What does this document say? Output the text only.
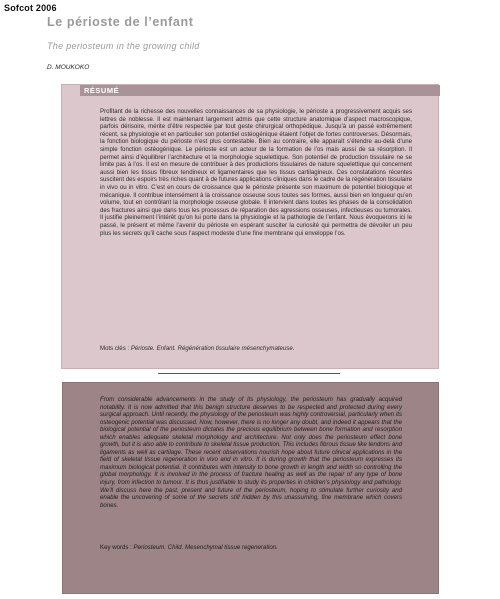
Sofcot 2006
Le périoste de l’enfant
The periosteum in the growing child
D. MOUKOKO
RÉSUMÉ
Profitant de la richesse des nouvelles connaissances de sa physiologie, le périoste a progressivement acquis ses lettres de noblesse. Il est maintenant largement admis que cette structure anatomique d’aspect macroscopique, parfois dérisoire, mérite d’être respectée par tout geste chirurgical orthopédique. Jusqu’à un passé extrêmement récent, sa physiologie et en particulier son potentiel ostéogénique étaient l’objet de fortes controverses. Désormais, la fonction biologique du périoste n’est plus contestable. Bien au contraire, elle apparaît s’étendre au-delà d’une simple fonction ostéogénique. Le périoste est un acteur de la formation de l’os mais aussi de sa résorption. Il permet ainsi d’équilibrer l’architecture et la morphologie squelettique. Son potentiel de production tissulaire ne se limite pas à l’os. Il est en mesure de contribuer à des productions tissulaires de nature squelettique qui concernent aussi bien les tissus fibreux tendineux et ligamentaires que les tissus cartilagineux. Ces constatations récentes suscitent des espoirs très riches quant à de futures applications cliniques dans le cadre de la régénération tissulaire in vivo ou in vitro. C’est en cours de croissance que le périoste présente son maximum de potentiel biologique et mécanique. Il contribue intensément à la croissance osseuse sous toutes ses formes, aussi bien en longueur qu’en volume, tout en contrôlant la morphologie osseuse globale. Il intervient dans toutes les phases de la consolidation des fractures ainsi que dans tous les processus de réparation des agressions osseuses, infectieuses ou tumorales. Il justifie pleinement l’intérêt qu’on lui porte dans la physiologie et la pathologie de l’enfant. Nous évoquerons ici le passé, le présent et même l’avenir du périoste en espérant susciter la curiosité qui permettra de dévoiler un peu plus les secrets qu’il cache sous l’aspect modeste d’une fine membrane qui enveloppe l’os.
Mots clés : Périoste. Enfant. Régénération tissulaire mésenchymateuse.
From considerable advancements in the study of its physiology, the periosteum has gradually acquired notability. It is now admitted that this benign structure deserves to be respected and protected during every surgical approach. Until recently, the physiology of the periosteum was highly controversial, particularly when its osteogenic potential was discussed. Now, however, there is no longer any doubt, and indeed it appears that the biological potential of the periosteum dictates the precious equilibrium between bone formation and resorption which enables adequate skeletal morphology and architecture. Not only does the periosteum effect bone growth, but it is also able to contribute to skeletal tissue production. This includes fibrous tissue like tendons and ligaments as well as cartilage. These recent observations nourish hope about future clinical applications in the field of skeletal tissue regeneration in vivo and in vitro. It is during growth that the periosteum expresses its maximum biological potential. It contributes with intensity to bone growth in length and width so controlling the global morphology. It is involved in the process of fracture healing as well as the repair of any type of bone injury, from infection to tumour. It is thus justifiable to study its properties in children’s physiology and pathology. We’ll discuss here the past, present and future of the periosteum, hoping to stimulate further curiosity and enable the uncovering of some of the secrets still hidden by this unassuming, fine membrane which covers bones.
Key words : Periosteum. Child. Mesenchymal tissue regeneration.
